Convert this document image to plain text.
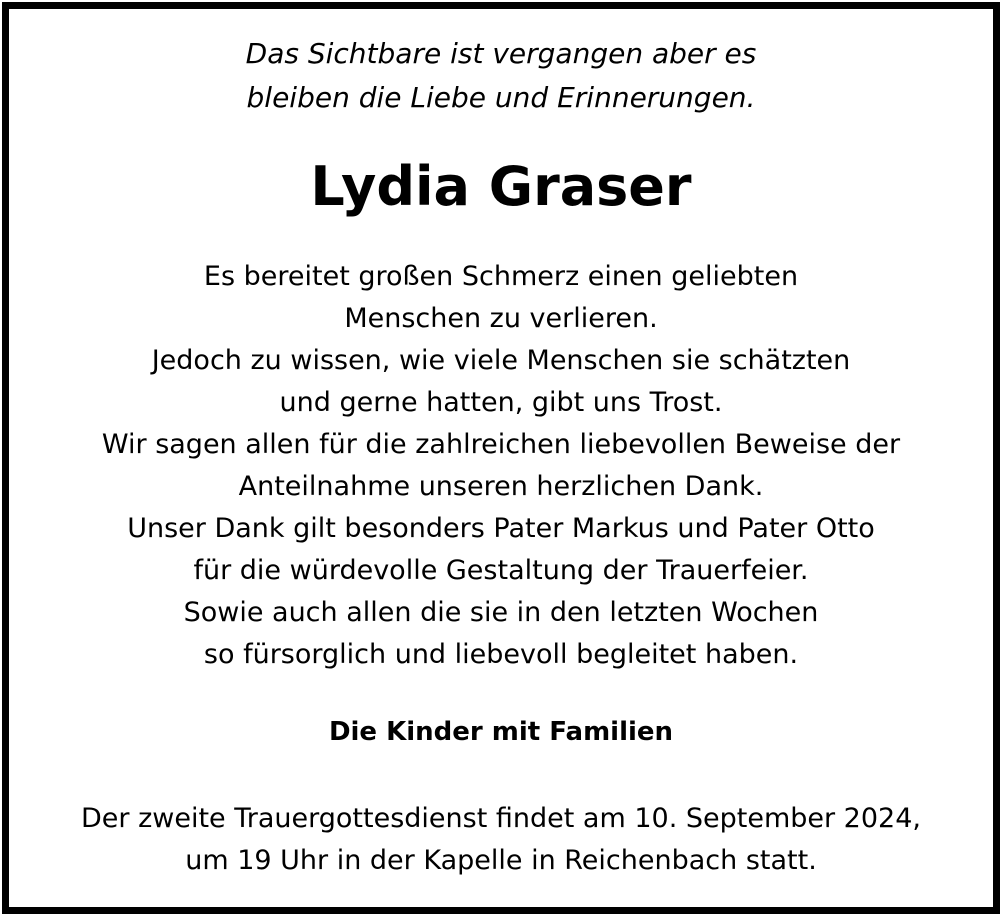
Das Sichtbare ist vergangen aber es
bleiben die Liebe und Erinnerungen.
Lydia Graser
Es bereitet großen Schmerz einen geliebten
Menschen zu verlieren.
Jedoch zu wissen, wie viele Menschen sie schätzten
und gerne hatten, gibt uns Trost.
Wir sagen allen für die zahlreichen liebevollen Beweise der
Anteilnahme unseren herzlichen Dank.
Unser Dank gilt besonders Pater Markus und Pater Otto
für die würdevolle Gestaltung der Trauerfeier.
Sowie auch allen die sie in den letzten Wochen
so fürsorglich und liebevoll begleitet haben.
Die Kinder mit Familien
Der zweite Trauergottesdienst findet am 10. September 2024,
um 19 Uhr in der Kapelle in Reichenbach statt.
